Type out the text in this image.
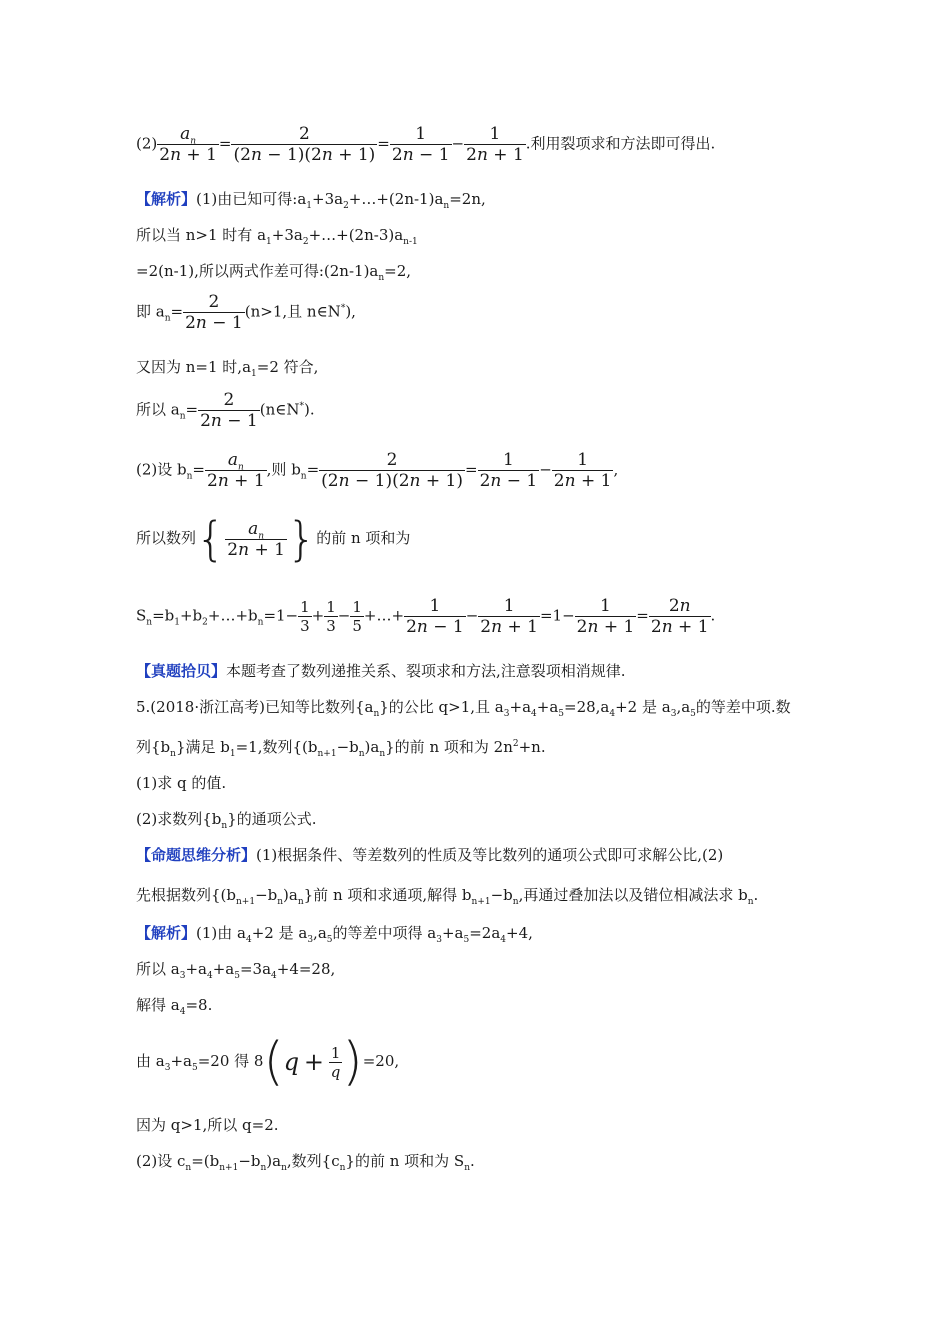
$(2) \frac{a_n}{2n + 1} = \frac{2}{(2n - 1)(2n + 1)} = \frac{1}{2n - 1} - \frac{1}{2n + 1}$ .利用裂项求和方法即可得出.
【解析】(1)由已知可得$:a_1+3a_2+\dots+(2n-1)a_n=2n$,
所以当 n>1 时有 $a_1+3a_2+\dots+(2n-3)a_{n-1}$
=2(n-1),所以两式作差可得$:(2n-1)a_n=2$,
即 $a_n= \frac{2}{2n - 1} (n>1$,且 n∈N*),
又因为 n=1 时$,a_1=2$ 符合,
所以 $a_n= \frac{2}{2n - 1}$ (n∈N*).
(2)设 $b_n= \frac{a_n}{2n + 1}$ ,则 $b_n= \frac{2}{(2n - 1)(2n + 1)} = \frac{1}{2n - 1} - \frac{1}{2n + 1}$ ,
所以数列{ $\frac{a_n}{2n + 1}$ }的前 n 项和为
$S_n=b_1+b_2+\dots+b_n=1- \frac{1}{3} + \frac{1}{3} - \frac{1}{5}$ +…+ $\frac{1}{2n - 1} - \frac{1}{2n + 1} =1- \frac{1}{2n + 1} = \frac{2n}{2n + 1}$ .
【真题拾贝】本题考查了数列递推关系、裂项求和方法,注意裂项相消规律.
5.(2018·浙江高考)已知等比数列$\{a_n\}$的公比 q>1,且 $a_3+a_4+a_5=28,a_4+2$ 是 $a_3,a_5$的等差中项.数
列$\{b_n\}$满足 $b_1=1$,数列$\{(b_{n+1}-b_n)a_n\}$的前 n 项和为 $2n^2+n$.
(1)求 q 的值.
(2)求数列$\{b_n\}$的通项公式.
【命题思维分析】(1)根据条件、等差数列的性质及等比数列的通项公式即可求解公比,(2)
先根据数列$\{(b_{n+1}-b_n)a_n\}$前 n 项和求通项,解得 $b_{n+1}-b_n$,再通过叠加法以及错位相减法求 $b_n$.
【解析】(1)由 $a_4+2$ 是 $a_3,a_5$的等差中项得 $a_3+a_5=2a_4+4$,
所以 $a_3+a_4+a_5=3a_4+4=28$,
解得 $a_4=8$.
由 $a_3+a_5=20$ 得 $8(q + \frac{1}{q} )=20$,
因为 q>1,所以 q=2.
(2)设 $c_n=(b_{n+1}-b_n)a_n$,数列$\{c_n\}$的前 n 项和为 $S_n$.
